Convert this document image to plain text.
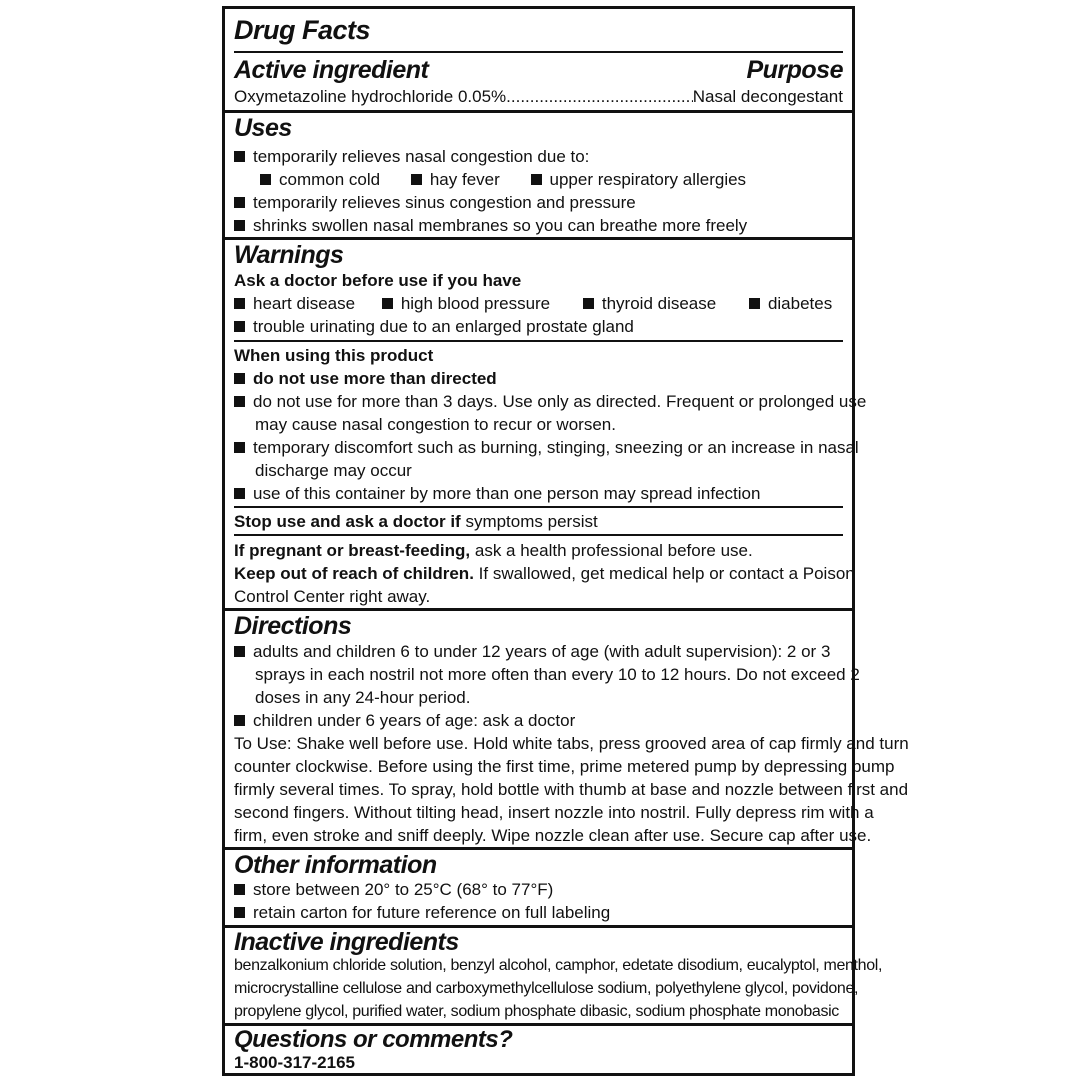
Drug Facts
Active ingredient	Purpose
Oxymetazoline hydrochloride 0.05%
.....	Nasal decongestant
Uses
temporarily relieves nasal congestion due to:
common cold	hay fever	upper respiratory allergies
temporarily relieves sinus congestion and pressure
shrinks swollen nasal membranes so you can breathe more freely
Warnings
Ask a doctor before use if you have
heart disease	high blood pressure	thyroid disease	diabetes
trouble urinating due to an enlarged prostate gland
When using this product
do not use more than directed
do not use for more than 3 days. Use only as directed. Frequent or prolonged use
may cause nasal congestion to recur or worsen.
temporary discomfort such as burning, stinging, sneezing or an increase in nasal
discharge may occur
use of this container by more than one person may spread infection
Stop use and ask a doctor if symptoms persist
If pregnant or breast-feeding, ask a health professional before use.
Keep out of reach of children. If swallowed, get medical help or contact a Poison
Control Center right away.
Directions
adults and children 6 to under 12 years of age (with adult supervision): 2 or 3
sprays in each nostril not more often than every 10 to 12 hours. Do not exceed 2
doses in any 24-hour period.
children under 6 years of age: ask a doctor
To Use: Shake well before use. Hold white tabs, press grooved area of cap firmly and turn
counter clockwise. Before using the first time, prime metered pump by depressing pump
firmly several times. To spray, hold bottle with thumb at base and nozzle between first and
second fingers. Without tilting head, insert nozzle into nostril. Fully depress rim with a
firm, even stroke and sniff deeply. Wipe nozzle clean after use. Secure cap after use.
Other information
store between 20° to 25°C (68° to 77°F)
retain carton for future reference on full labeling
Inactive ingredients
benzalkonium chloride solution, benzyl alcohol, camphor, edetate disodium, eucalyptol, menthol,
microcrystalline cellulose and carboxymethylcellulose sodium, polyethylene glycol, povidone,
propylene glycol, purified water, sodium phosphate dibasic, sodium phosphate monobasic
Questions or comments?
1-800-317-2165
